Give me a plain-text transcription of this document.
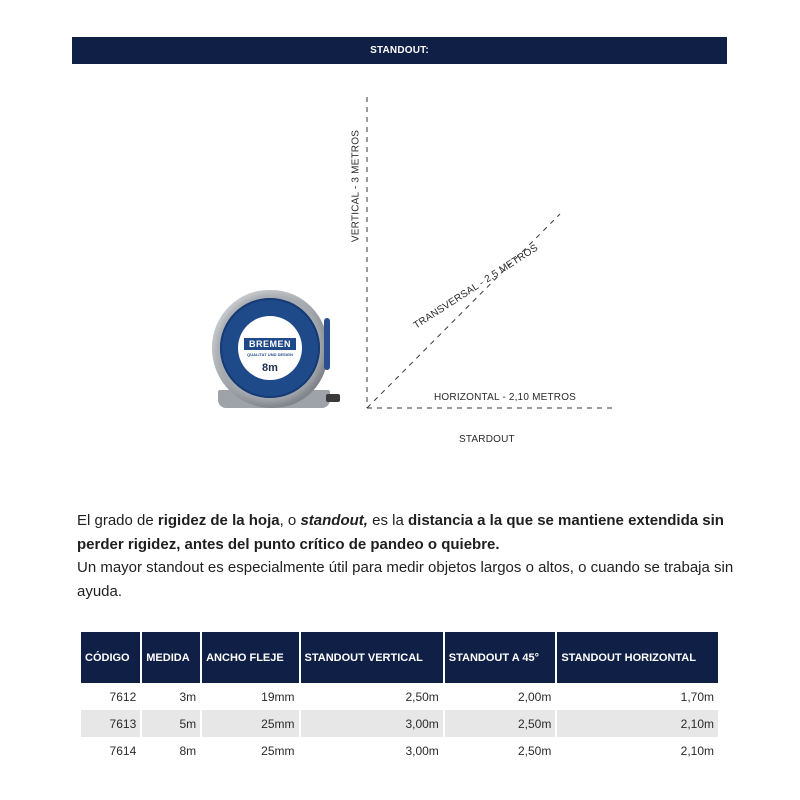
STANDOUT:
VERTICAL - 3 METROS
TRANSVERSAL - 2,5 METROS
HORIZONTAL - 2,10 METROS
STARDOUT
BREMEN
QUALITAT UND DESIGN
8m
El grado de rigidez de la hoja, o standout, es la distancia a la que se mantiene extendida sin perder rigidez, antes del punto crítico de pandeo o quiebre.
Un mayor standout es especialmente útil para medir objetos largos o altos, o cuando se trabaja sin ayuda.
CÓDIGO	MEDIDA	ANCHO FLEJE	STANDOUT VERTICAL	STANDOUT A 45°	STANDOUT HORIZONTAL
7612	3m	19mm	2,50m	2,00m	1,70m
7613	5m	25mm	3,00m	2,50m	2,10m
7614	8m	25mm	3,00m	2,50m	2,10m
